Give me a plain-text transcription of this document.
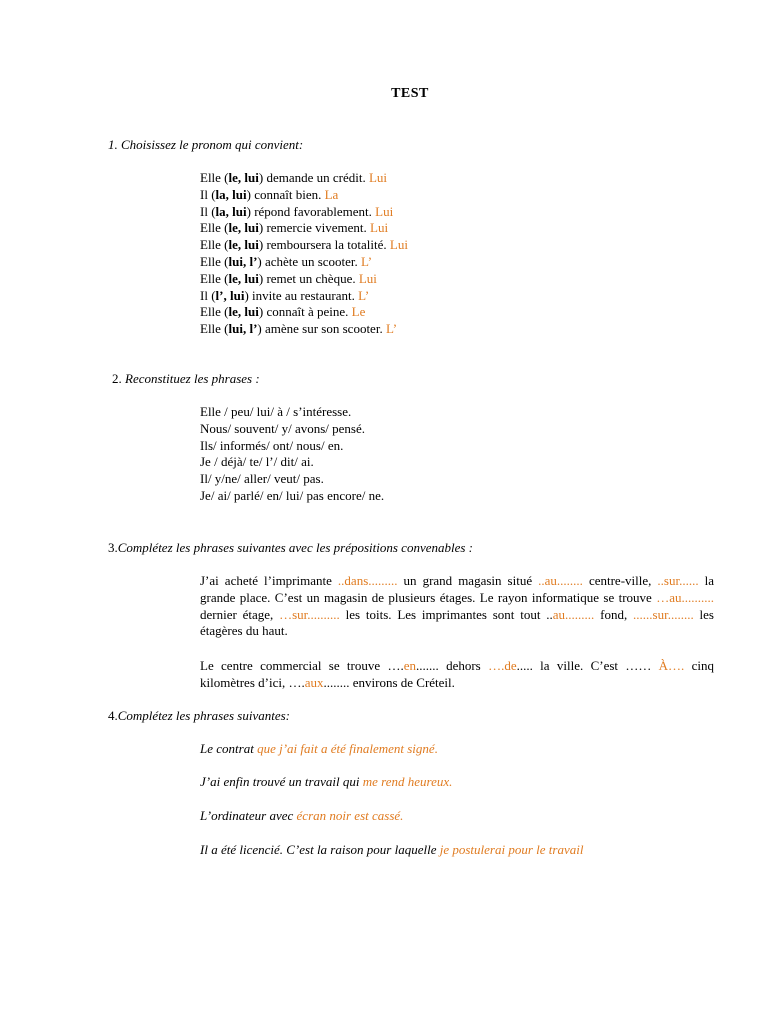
TEST
1. Choisissez le pronom qui convient:
Elle (le, lui) demande un crédit. Lui
Il (la, lui) connaît bien. La
Il (la, lui) répond favorablement. Lui
Elle (le, lui) remercie vivement. Lui
Elle (le, lui) remboursera la totalité. Lui
Elle (lui, l’) achète un scooter. L’
Elle (le, lui) remet un chèque. Lui
Il (l’, lui) invite au restaurant. L’
Elle (le, lui) connaît à peine. Le
Elle (lui, l’) amène sur son scooter. L’
2. Reconstituez les phrases :
Elle / peu/ lui/ à / s’intéresse.
Nous/ souvent/ y/ avons/ pensé.
Ils/ informés/ ont/ nous/ en.
Je / déjà/ te/ l’/ dit/ ai.
Il/ y/ne/ aller/ veut/ pas.
Je/ ai/ parlé/ en/ lui/ pas encore/ ne.
3.Complétez les phrases suivantes avec les prépositions convenables :
J’ai acheté l’imprimante ..dans......... un grand magasin situé ..au........ centre-ville, ..sur...... la grande place. C’est un magasin de plusieurs étages. Le rayon informatique se trouve …au.......... dernier étage, …sur.......... les toits. Les imprimantes sont tout ..au......... fond, ......sur........ les étagères du haut.
Le centre commercial se trouve ….en....... dehors ….de..... la ville. C’est …… À…. cinq kilomètres d’ici, ….aux........ environs de Créteil.
4.Complétez les phrases suivantes:
Le contrat que j’ai fait a été finalement signé.
J’ai enfin trouvé un travail qui me rend heureux.
L’ordinateur avec écran noir est cassé.
Il a été licencié. C’est la raison pour laquelle je postulerai pour le travail
